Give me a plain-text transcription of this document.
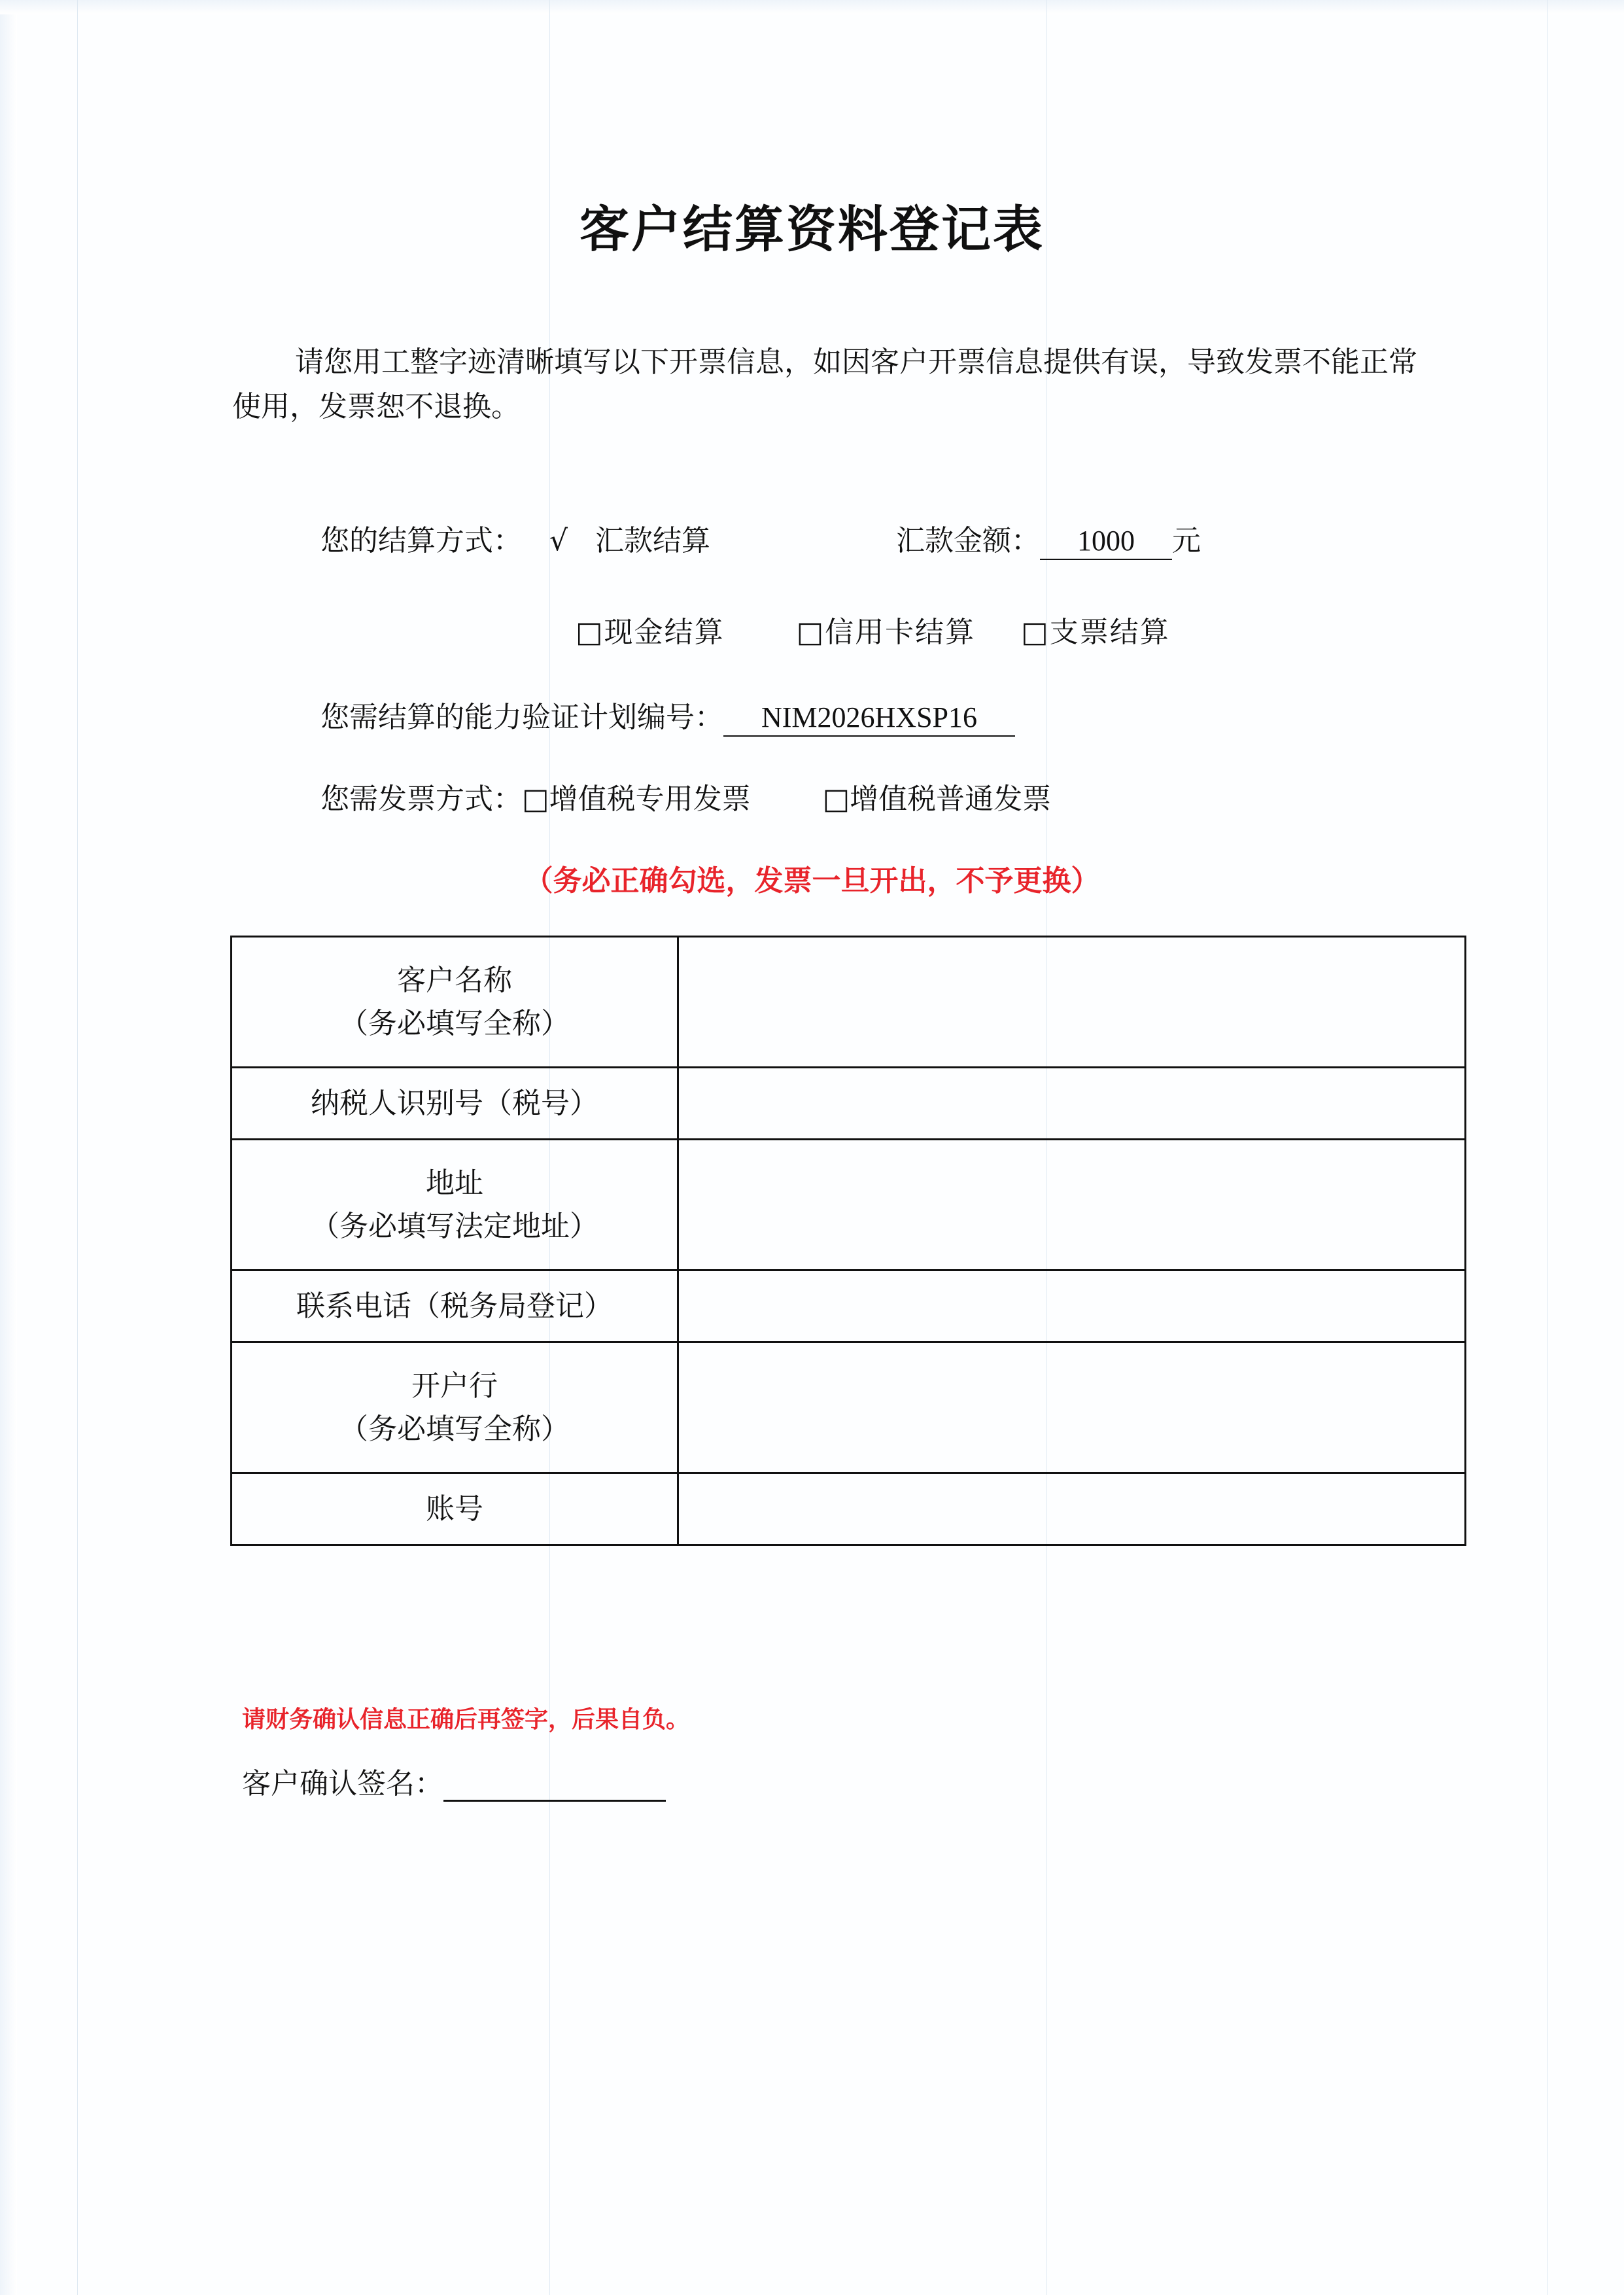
客户结算资料登记表
请您用工整字迹清晰填写以下开票信息，如因客户开票信息提供有误，导致发票不能正常使用，发票恕不退换。
您的结算方式： √ 汇款结算	汇款金额： 1000 元
□现金结算	□信用卡结算 □支票结算
您需结算的能力验证计划编号： NIM2026HXSP16
您需发票方式：□增值税专用发票	□增值税普通发票
（务必正确勾选，发票一旦开出，不予更换）
客户名称
（务必填写全称）	

纳税人识别号（税号）	

地址
（务必填写法定地址）	

联系电话（税务局登记）	

开户行
（务必填写全称）	

账号	
请财务确认信息正确后再签字，后果自负。
客户确认签名：
